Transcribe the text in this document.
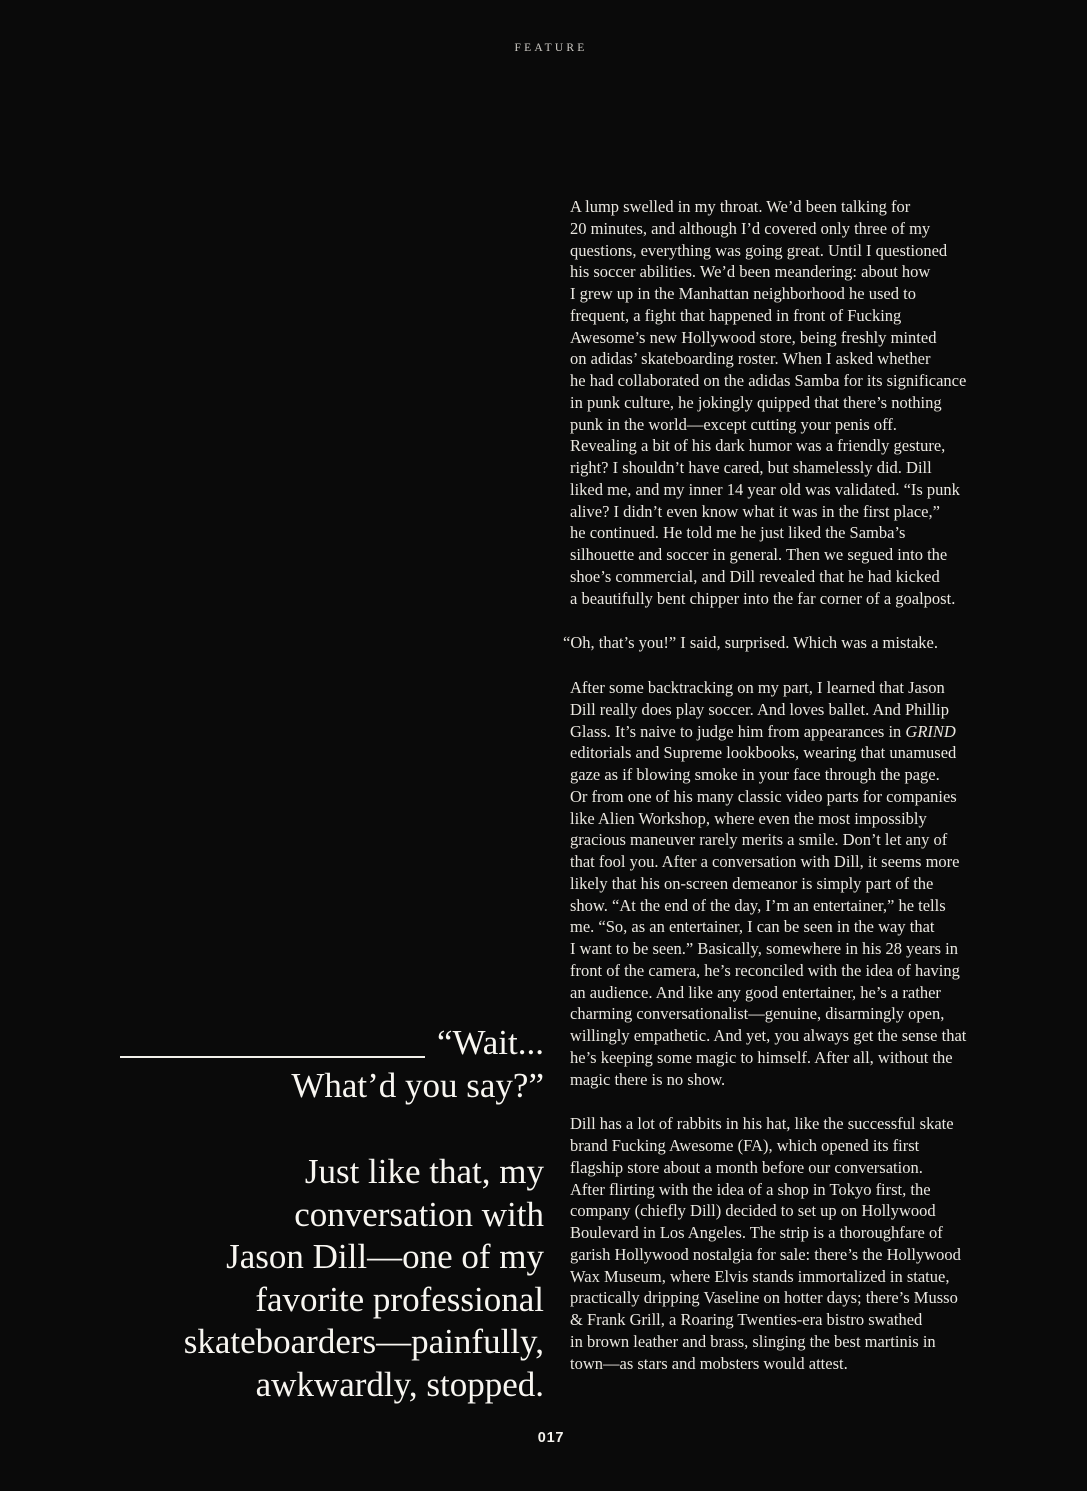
FEATURE
“Wait...
What’d you say?”
Just like that, my
conversation with
Jason Dill—one of my
favorite professional
skateboarders—painfully,
awkwardly, stopped.

A lump swelled in my throat. We’d been talking for
20 minutes, and although I’d covered only three of my
questions, everything was going great. Until I questioned
his soccer abilities. We’d been meandering: about how
I grew up in the Manhattan neighborhood he used to
frequent, a fight that happened in front of Fucking
Awesome’s new Hollywood store, being freshly minted
on adidas’ skateboarding roster. When I asked whether
he had collaborated on the adidas Samba for its significance
in punk culture, he jokingly quipped that there’s nothing
punk in the world—except cutting your penis off.
Revealing a bit of his dark humor was a friendly gesture,
right? I shouldn’t have cared, but shamelessly did. Dill
liked me, and my inner 14 year old was validated. “Is punk
alive? I didn’t even know what it was in the first place,”
he continued. He told me he just liked the Samba’s
silhouette and soccer in general. Then we segued into the
shoe’s commercial, and Dill revealed that he had kicked
a beautifully bent chipper into the far corner of a goalpost.

“Oh, that’s you!” I said, surprised. Which was a mistake.

After some backtracking on my part, I learned that Jason
Dill really does play soccer. And loves ballet. And Phillip
Glass. It’s naive to judge him from appearances in GRIND
editorials and Supreme lookbooks, wearing that unamused
gaze as if blowing smoke in your face through the page.
Or from one of his many classic video parts for companies
like Alien Workshop, where even the most impossibly
gracious maneuver rarely merits a smile. Don’t let any of
that fool you. After a conversation with Dill, it seems more
likely that his on-screen demeanor is simply part of the
show. “At the end of the day, I’m an entertainer,” he tells
me. “So, as an entertainer, I can be seen in the way that
I want to be seen.” Basically, somewhere in his 28 years in
front of the camera, he’s reconciled with the idea of having
an audience. And like any good entertainer, he’s a rather
charming conversationalist—genuine, disarmingly open,
willingly empathetic. And yet, you always get the sense that
he’s keeping some magic to himself. After all, without the
magic there is no show.

Dill has a lot of rabbits in his hat, like the successful skate
brand Fucking Awesome (FA), which opened its first
flagship store about a month before our conversation.
After flirting with the idea of a shop in Tokyo first, the
company (chiefly Dill) decided to set up on Hollywood
Boulevard in Los Angeles. The strip is a thoroughfare of
garish Hollywood nostalgia for sale: there’s the Hollywood
Wax Museum, where Elvis stands immortalized in statue,
practically dripping Vaseline on hotter days; there’s Musso
& Frank Grill, a Roaring Twenties-era bistro swathed
in brown leather and brass, slinging the best martinis in
town—as stars and mobsters would attest.

017
